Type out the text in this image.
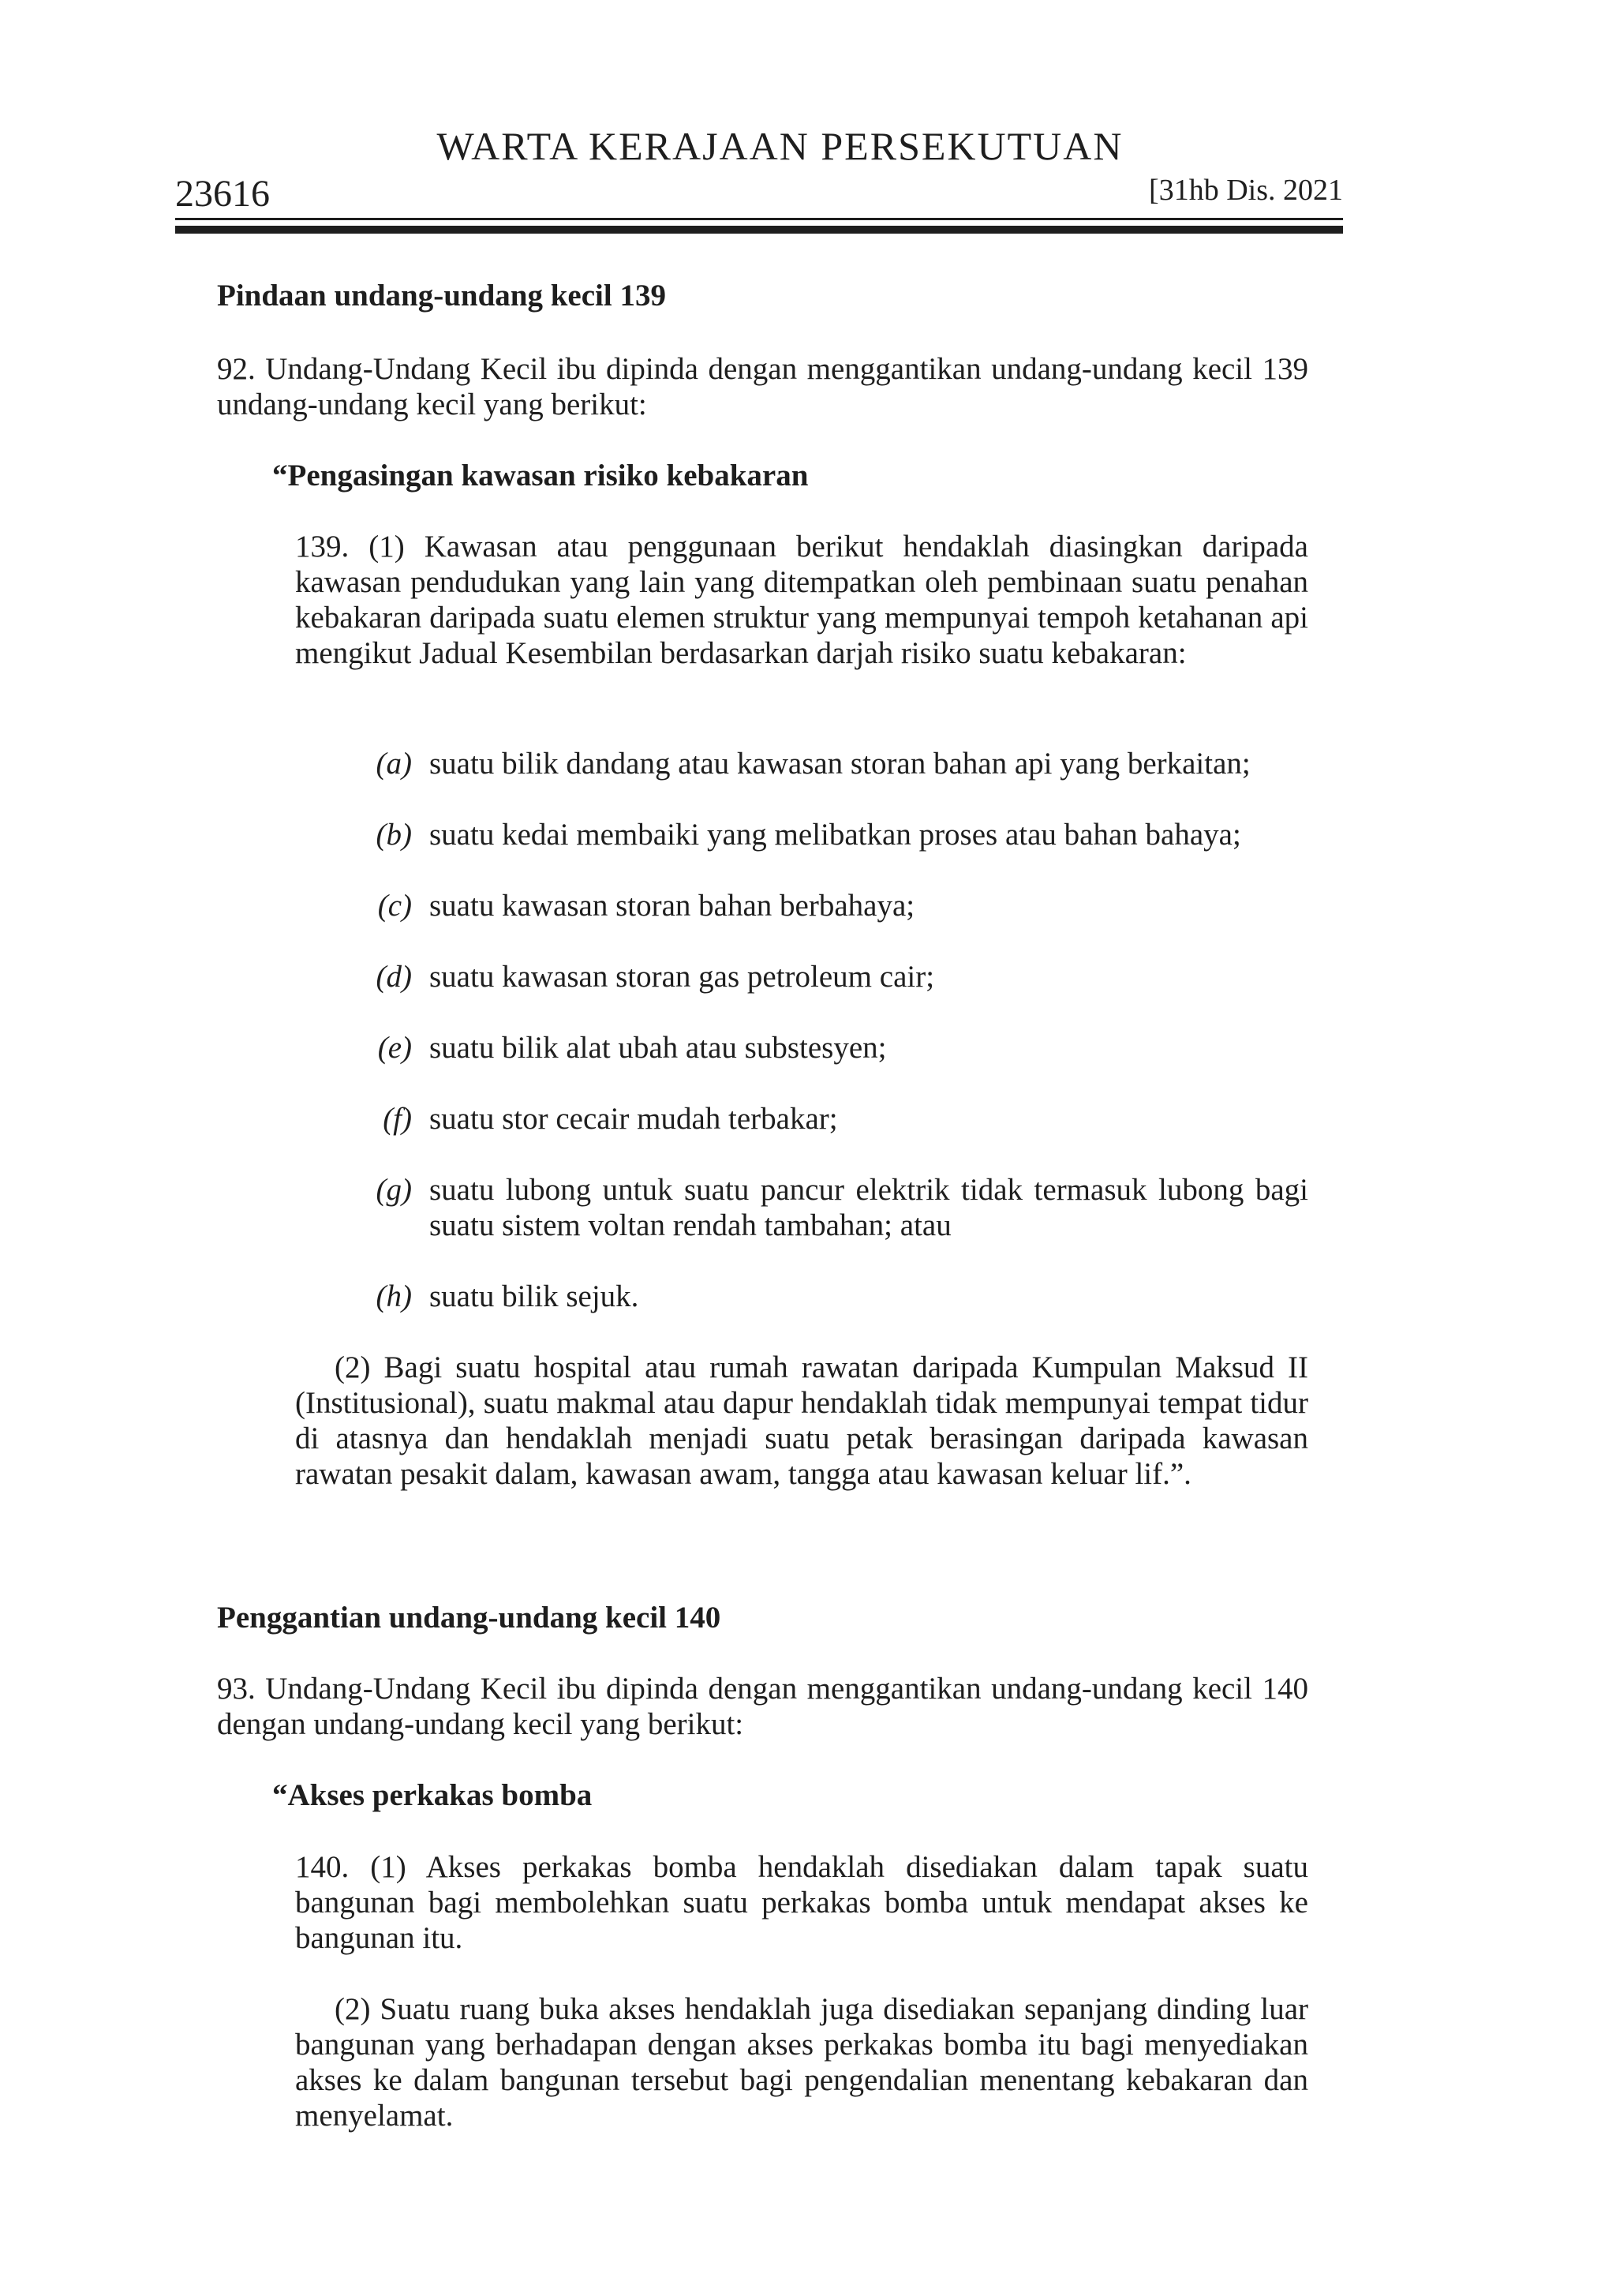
WARTA KERAJAAN PERSEKUTUAN
23616	[31hb Dis. 2021
Pindaan undang-undang kecil 139
92. Undang-Undang Kecil ibu dipinda dengan menggantikan undang-undang kecil 139 undang-undang kecil yang berikut:
“Pengasingan kawasan risiko kebakaran
139. (1) Kawasan atau penggunaan berikut hendaklah diasingkan daripada kawasan pendudukan yang lain yang ditempatkan oleh pembinaan suatu penahan kebakaran daripada suatu elemen struktur yang mempunyai tempoh ketahanan api mengikut Jadual Kesembilan berdasarkan darjah risiko suatu kebakaran:
(a) suatu bilik dandang atau kawasan storan bahan api yang berkaitan;
(b) suatu kedai membaiki yang melibatkan proses atau bahan bahaya;
(c) suatu kawasan storan bahan berbahaya;
(d) suatu kawasan storan gas petroleum cair;
(e) suatu bilik alat ubah atau substesyen;
(f) suatu stor cecair mudah terbakar;
(g) suatu lubong untuk suatu pancur elektrik tidak termasuk lubong bagi suatu sistem voltan rendah tambahan; atau
(h) suatu bilik sejuk.
(2) Bagi suatu hospital atau rumah rawatan daripada Kumpulan Maksud II (Institusional), suatu makmal atau dapur hendaklah tidak mempunyai tempat tidur di atasnya dan hendaklah menjadi suatu petak berasingan daripada kawasan rawatan pesakit dalam, kawasan awam, tangga atau kawasan keluar lif.”.
Penggantian undang-undang kecil 140
93. Undang-Undang Kecil ibu dipinda dengan menggantikan undang-undang kecil 140 dengan undang-undang kecil yang berikut:
“Akses perkakas bomba
140. (1) Akses perkakas bomba hendaklah disediakan dalam tapak suatu bangunan bagi membolehkan suatu perkakas bomba untuk mendapat akses ke bangunan itu.
(2) Suatu ruang buka akses hendaklah juga disediakan sepanjang dinding luar bangunan yang berhadapan dengan akses perkakas bomba itu bagi menyediakan akses ke dalam bangunan tersebut bagi pengendalian menentang kebakaran dan menyelamat.
